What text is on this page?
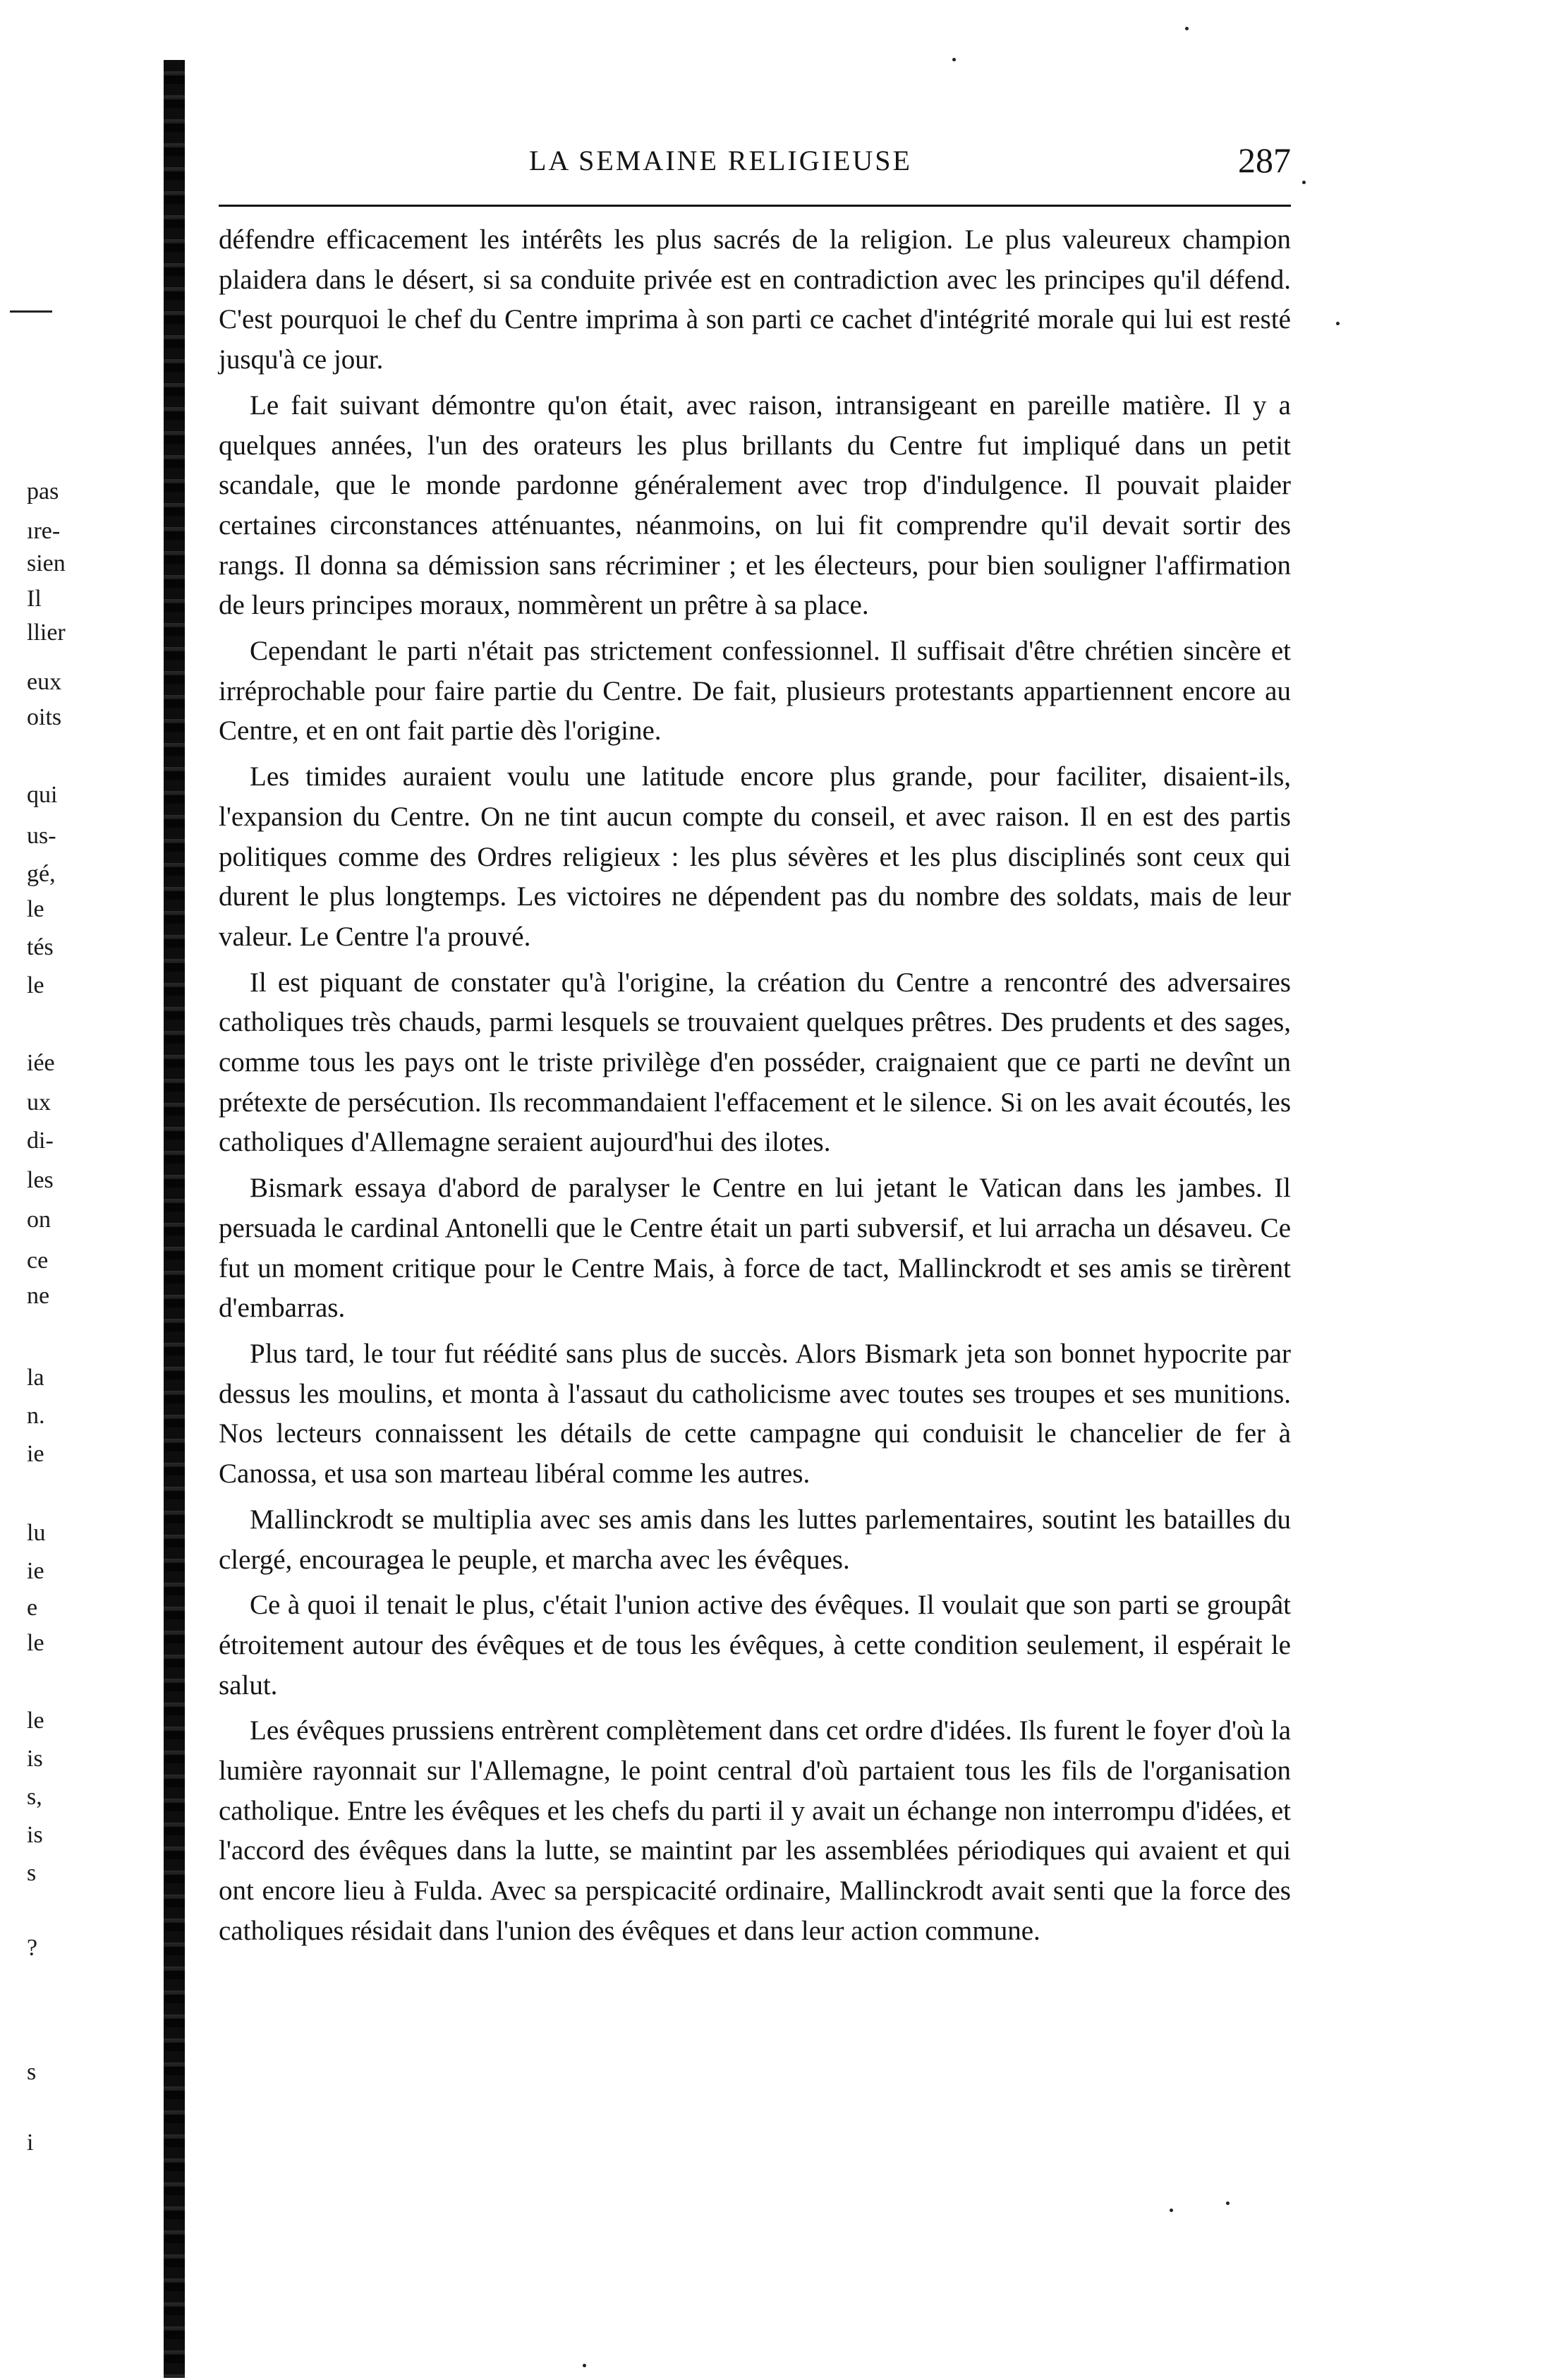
pas
ıre-
sien
Il
llier
eux
oits
qui
us-
gé,
le
tés
le
iée
ux
di-
les
on
ce
ne
la
n.
ie
lu
ie
e
le
le
is
s,
is
s
?
s
i
LA SEMAINE RELIGIEUSE	287

défendre efficacement les intérêts les plus sacrés de la religion. Le plus valeureux champion plaidera dans le désert, si sa conduite privée est en contradiction avec les principes qu'il défend. C'est pourquoi le chef du Centre imprima à son parti ce cachet d'intégrité morale qui lui est resté jusqu'à ce jour.

Le fait suivant démontre qu'on était, avec raison, intransigeant en pareille matière. Il y a quelques années, l'un des orateurs les plus brillants du Centre fut impliqué dans un petit scandale, que le monde pardonne généralement avec trop d'indulgence. Il pouvait plaider certaines circonstances atténuantes, néanmoins, on lui fit comprendre qu'il devait sortir des rangs. Il donna sa démission sans récriminer ; et les électeurs, pour bien souligner l'affirmation de leurs principes moraux, nommèrent un prêtre à sa place.

Cependant le parti n'était pas strictement confessionnel. Il suffisait d'être chrétien sincère et irréprochable pour faire partie du Centre. De fait, plusieurs protestants appartiennent encore au Centre, et en ont fait partie dès l'origine.

Les timides auraient voulu une latitude encore plus grande, pour faciliter, disaient-ils, l'expansion du Centre. On ne tint aucun compte du conseil, et avec raison. Il en est des partis politiques comme des Ordres religieux : les plus sévères et les plus disciplinés sont ceux qui durent le plus longtemps. Les victoires ne dépendent pas du nombre des soldats, mais de leur valeur. Le Centre l'a prouvé.

Il est piquant de constater qu'à l'origine, la création du Centre a rencontré des adversaires catholiques très chauds, parmi lesquels se trouvaient quelques prêtres. Des prudents et des sages, comme tous les pays ont le triste privilège d'en posséder, craignaient que ce parti ne devînt un prétexte de persécution. Ils recommandaient l'effacement et le silence. Si on les avait écoutés, les catholiques d'Allemagne seraient aujourd'hui des ilotes.

Bismark essaya d'abord de paralyser le Centre en lui jetant le Vatican dans les jambes. Il persuada le cardinal Antonelli que le Centre était un parti subversif, et lui arracha un désaveu. Ce fut un moment critique pour le Centre Mais, à force de tact, Mallinckrodt et ses amis se tirèrent d'embarras.

Plus tard, le tour fut réédité sans plus de succès. Alors Bismark jeta son bonnet hypocrite par dessus les moulins, et monta à l'assaut du catholicisme avec toutes ses troupes et ses munitions. Nos lecteurs connaissent les détails de cette campagne qui conduisit le chancelier de fer à Canossa, et usa son marteau libéral comme les autres.

Mallinckrodt se multiplia avec ses amis dans les luttes parlementaires, soutint les batailles du clergé, encouragea le peuple, et marcha avec les évêques.

Ce à quoi il tenait le plus, c'était l'union active des évêques. Il voulait que son parti se groupât étroitement autour des évêques et de tous les évêques, à cette condition seulement, il espérait le salut.

Les évêques prussiens entrèrent complètement dans cet ordre d'idées. Ils furent le foyer d'où la lumière rayonnait sur l'Allemagne, le point central d'où partaient tous les fils de l'organisation catholique. Entre les évêques et les chefs du parti il y avait un échange non interrompu d'idées, et l'accord des évêques dans la lutte, se maintint par les assemblées périodiques qui avaient et qui ont encore lieu à Fulda. Avec sa perspicacité ordinaire, Mallinckrodt avait senti que la force des catholiques résidait dans l'union des évêques et dans leur action commune.
